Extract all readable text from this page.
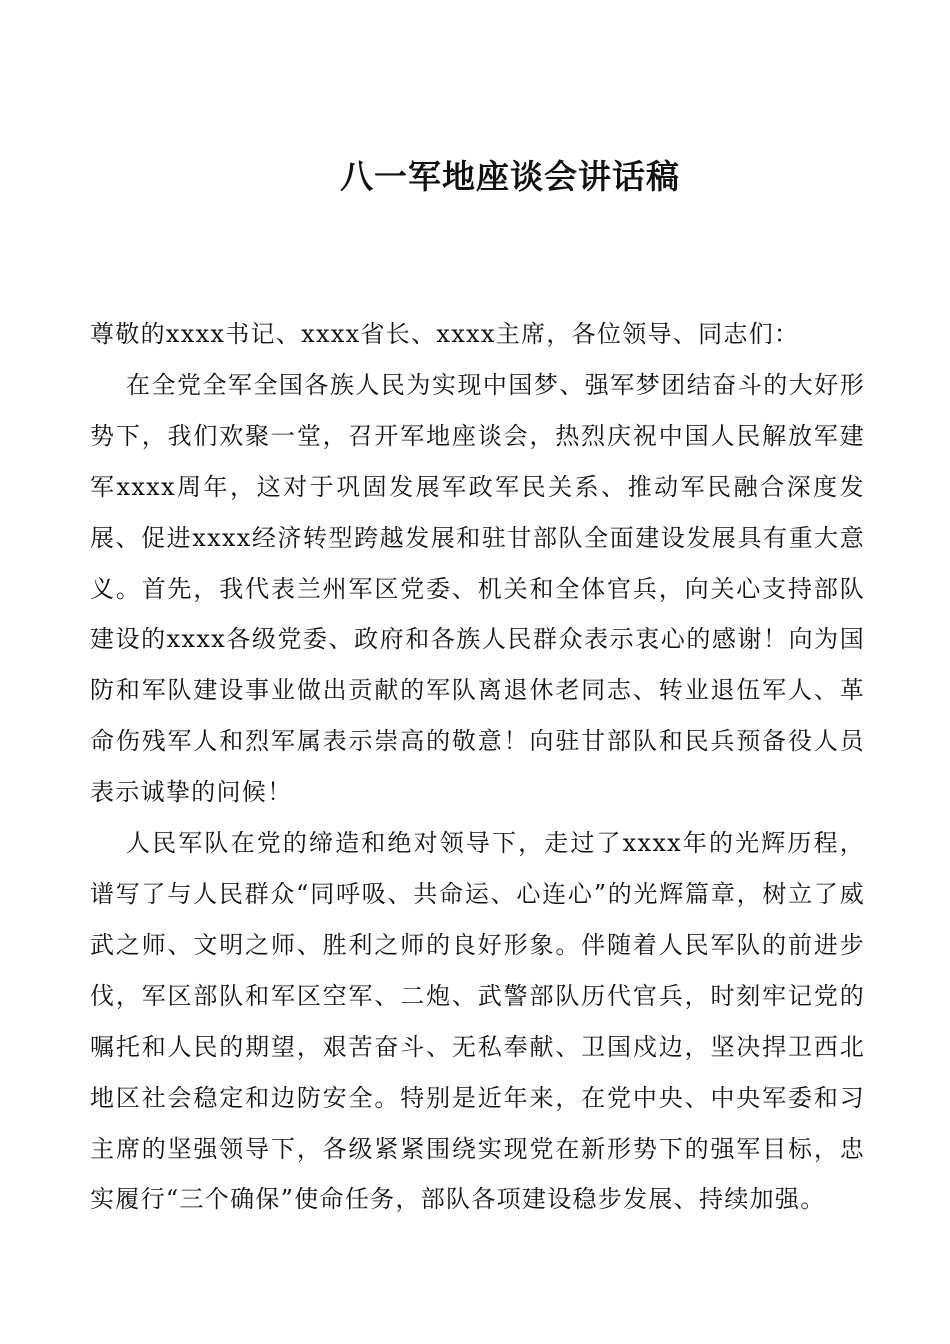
八一军地座谈会讲话稿

尊敬的xxxx书记、xxxx省长、xxxx主席，各位领导、同志们：

在全党全军全国各族人民为实现中国梦、强军梦团结奋斗的大好形势下，我们欢聚一堂，召开军地座谈会，热烈庆祝中国人民解放军建军xxxx周年，这对于巩固发展军政军民关系、推动军民融合深度发展、促进xxxx经济转型跨越发展和驻甘部队全面建设发展具有重大意义。首先，我代表兰州军区党委、机关和全体官兵，向关心支持部队建设的xxxx各级党委、政府和各族人民群众表示衷心的感谢！向为国防和军队建设事业做出贡献的军队离退休老同志、转业退伍军人、革命伤残军人和烈军属表示崇高的敬意！向驻甘部队和民兵预备役人员表示诚挚的问候！

人民军队在党的缔造和绝对领导下，走过了xxxx年的光辉历程，谱写了与人民群众“同呼吸、共命运、心连心”的光辉篇章，树立了威武之师、文明之师、胜利之师的良好形象。伴随着人民军队的前进步伐，军区部队和军区空军、二炮、武警部队历代官兵，时刻牢记党的嘱托和人民的期望，艰苦奋斗、无私奉献、卫国戍边，坚决捍卫西北地区社会稳定和边防安全。特别是近年来，在党中央、中央军委和习主席的坚强领导下，各级紧紧围绕实现党在新形势下的强军目标，忠实履行“三个确保”使命任务，部队各项建设稳步发展、持续加强。
